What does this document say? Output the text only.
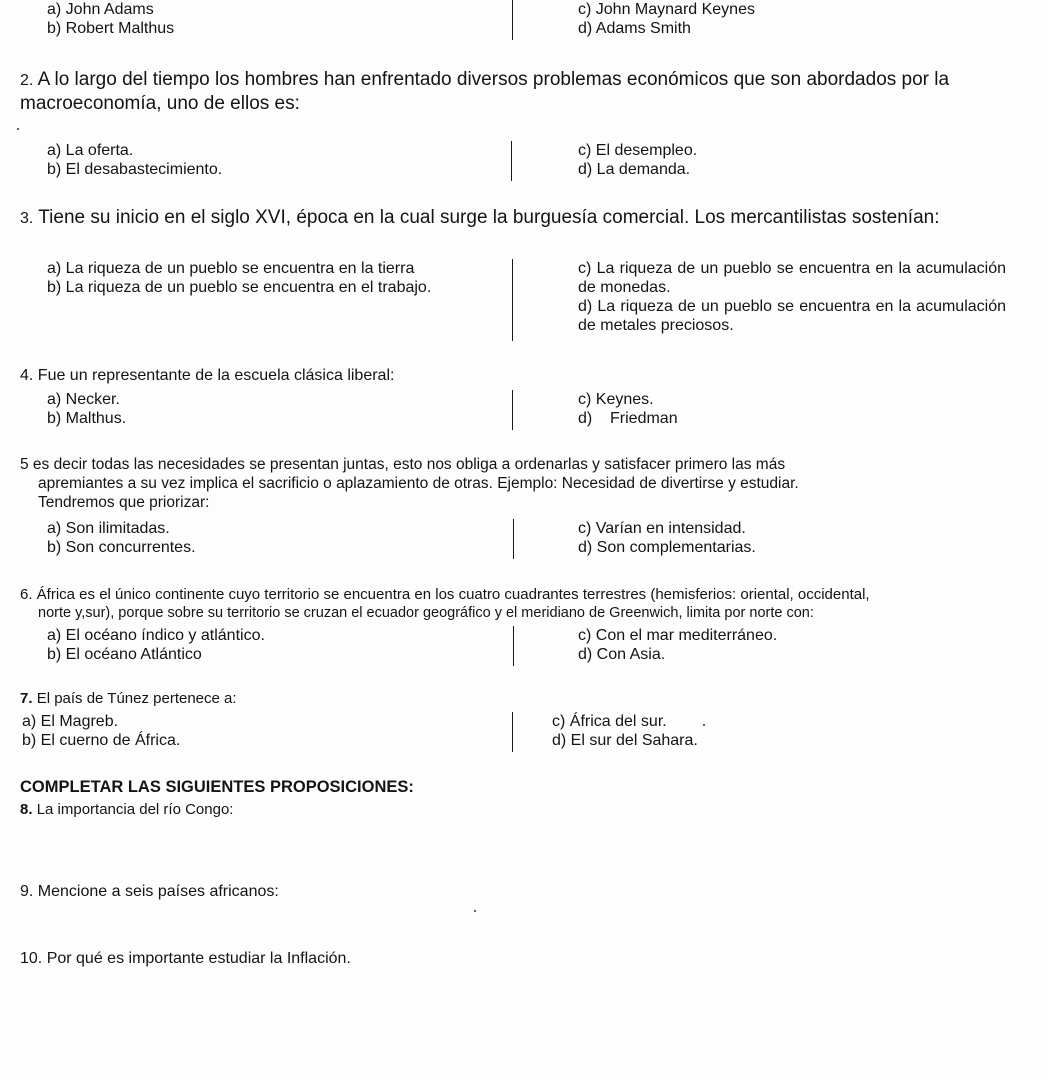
a) John Adams
b) Robert Malthus
c) John Maynard Keynes
d) Adams Smith
2. A lo largo del tiempo los hombres han enfrentado diversos problemas económicos que son abordados por la macroeconomía, uno de ellos es:
a) La oferta.
b) El desabastecimiento.
c) El desempleo.
d) La demanda.
3. Tiene su inicio en el siglo XVI, época en la cual surge la burguesía comercial. Los mercantilistas sostenían:
a) La riqueza de un pueblo se encuentra en la tierra
b) La riqueza de un pueblo se encuentra en el trabajo.
c) La riqueza de un pueblo se encuentra en la acumulación de monedas.
d) La riqueza de un pueblo se encuentra en la acumulación de metales preciosos.
4. Fue un representante de la escuela clásica liberal:
a) Necker.
b) Malthus.
c) Keynes.
d)    Friedman
5 es decir todas las necesidades se presentan juntas, esto nos obliga a ordenarlas y satisfacer primero las más
apremiantes a su vez implica el sacrificio o aplazamiento de otras. Ejemplo: Necesidad de divertirse y estudiar.
Tendremos que priorizar:
a) Son ilimitadas.
b) Son concurrentes.
c) Varían en intensidad.
d) Son complementarias.
6. África es el único continente cuyo territorio se encuentra en los cuatro cuadrantes terrestres (hemisferios: oriental, occidental,
norte y,sur), porque sobre su territorio se cruzan el ecuador geográfico y el meridiano de Greenwich, limita por norte con:
a) El océano índico y atlántico.
b) El océano Atlántico
c) Con el mar mediterráneo.
d) Con Asia.
7. El país de Túnez pertenece a:
a) El Magreb.
b) El cuerno de África.
c) África del sur.
d) El sur del Sahara.
COMPLETAR LAS SIGUIENTES PROPOSICIONES:
8. La importancia del río Congo:
9. Mencione a seis países africanos:
10. Por qué es importante estudiar la Inflación.
